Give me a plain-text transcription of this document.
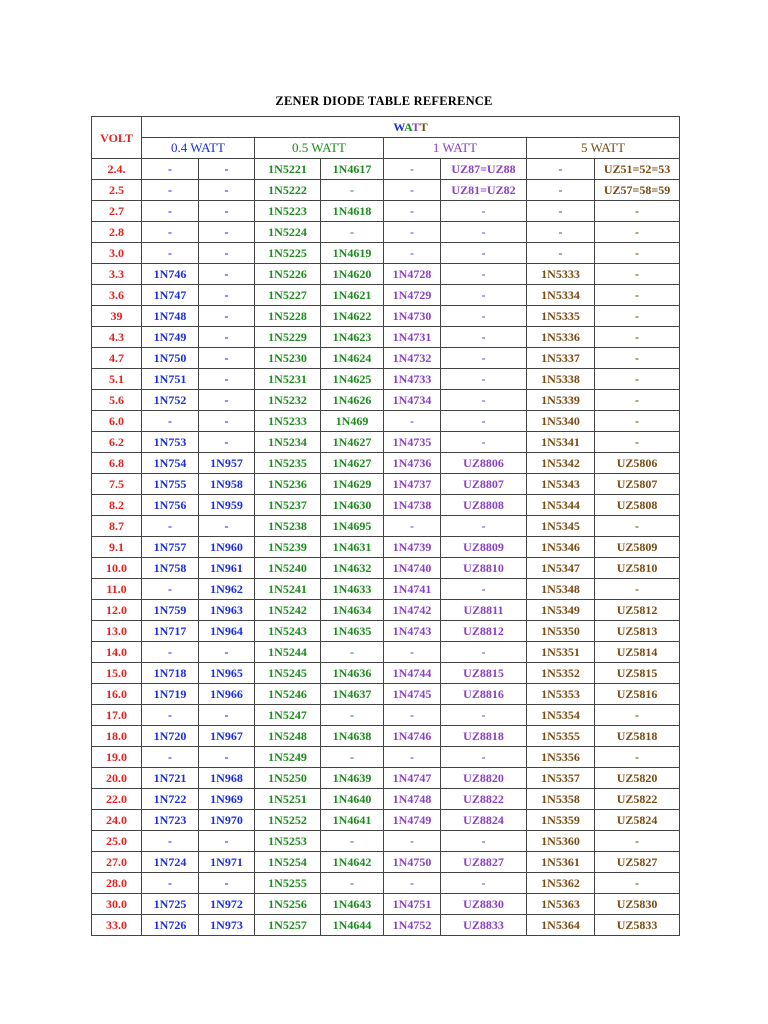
ZENER DIODE TABLE REFERENCE
VOLT	WATT							
	0.4 WATT		0.5 WATT		1 WATT		5 WATT	
2.4.	-	-	1N5221	1N4617	-	UZ87=UZ88	-	UZ51=52=53
2.5	-	-	1N5222	-	-	UZ81=UZ82	-	UZ57=58=59
2.7	-	-	1N5223	1N4618	-	-	-	-
2.8	-	-	1N5224	-	-	-	-	-
3.0	-	-	1N5225	1N4619	-	-	-	-
3.3	1N746	-	1N5226	1N4620	1N4728	-	1N5333	-
3.6	1N747	-	1N5227	1N4621	1N4729	-	1N5334	-
39	1N748	-	1N5228	1N4622	1N4730	-	1N5335	-
4.3	1N749	-	1N5229	1N4623	1N4731	-	1N5336	-
4.7	1N750	-	1N5230	1N4624	1N4732	-	1N5337	-
5.1	1N751	-	1N5231	1N4625	1N4733	-	1N5338	-
5.6	1N752	-	1N5232	1N4626	1N4734	-	1N5339	-
6.0	-	-	1N5233	1N469	-	-	1N5340	-
6.2	1N753	-	1N5234	1N4627	1N4735	-	1N5341	-
6.8	1N754	1N957	1N5235	1N4627	1N4736	UZ8806	1N5342	UZ5806
7.5	1N755	1N958	1N5236	1N4629	1N4737	UZ8807	1N5343	UZ5807
8.2	1N756	1N959	1N5237	1N4630	1N4738	UZ8808	1N5344	UZ5808
8.7	-	-	1N5238	1N4695	-	-	1N5345	-
9.1	1N757	1N960	1N5239	1N4631	1N4739	UZ8809	1N5346	UZ5809
10.0	1N758	1N961	1N5240	1N4632	1N4740	UZ8810	1N5347	UZ5810
11.0	-	1N962	1N5241	1N4633	1N4741	-	1N5348	-
12.0	1N759	1N963	1N5242	1N4634	1N4742	UZ8811	1N5349	UZ5812
13.0	1N717	1N964	1N5243	1N4635	1N4743	UZ8812	1N5350	UZ5813
14.0	-	-	1N5244	-	-	-	1N5351	UZ5814
15.0	1N718	1N965	1N5245	1N4636	1N4744	UZ8815	1N5352	UZ5815
16.0	1N719	1N966	1N5246	1N4637	1N4745	UZ8816	1N5353	UZ5816
17.0	-	-	1N5247	-	-	-	1N5354	-
18.0	1N720	1N967	1N5248	1N4638	1N4746	UZ8818	1N5355	UZ5818
19.0	-	-	1N5249	-	-	-	1N5356	-
20.0	1N721	1N968	1N5250	1N4639	1N4747	UZ8820	1N5357	UZ5820
22.0	1N722	1N969	1N5251	1N4640	1N4748	UZ8822	1N5358	UZ5822
24.0	1N723	1N970	1N5252	1N4641	1N4749	UZ8824	1N5359	UZ5824
25.0	-	-	1N5253	-	-	-	1N5360	-
27.0	1N724	1N971	1N5254	1N4642	1N4750	UZ8827	1N5361	UZ5827
28.0	-	-	1N5255	-	-	-	1N5362	-
30.0	1N725	1N972	1N5256	1N4643	1N4751	UZ8830	1N5363	UZ5830
33.0	1N726	1N973	1N5257	1N4644	1N4752	UZ8833	1N5364	UZ5833
